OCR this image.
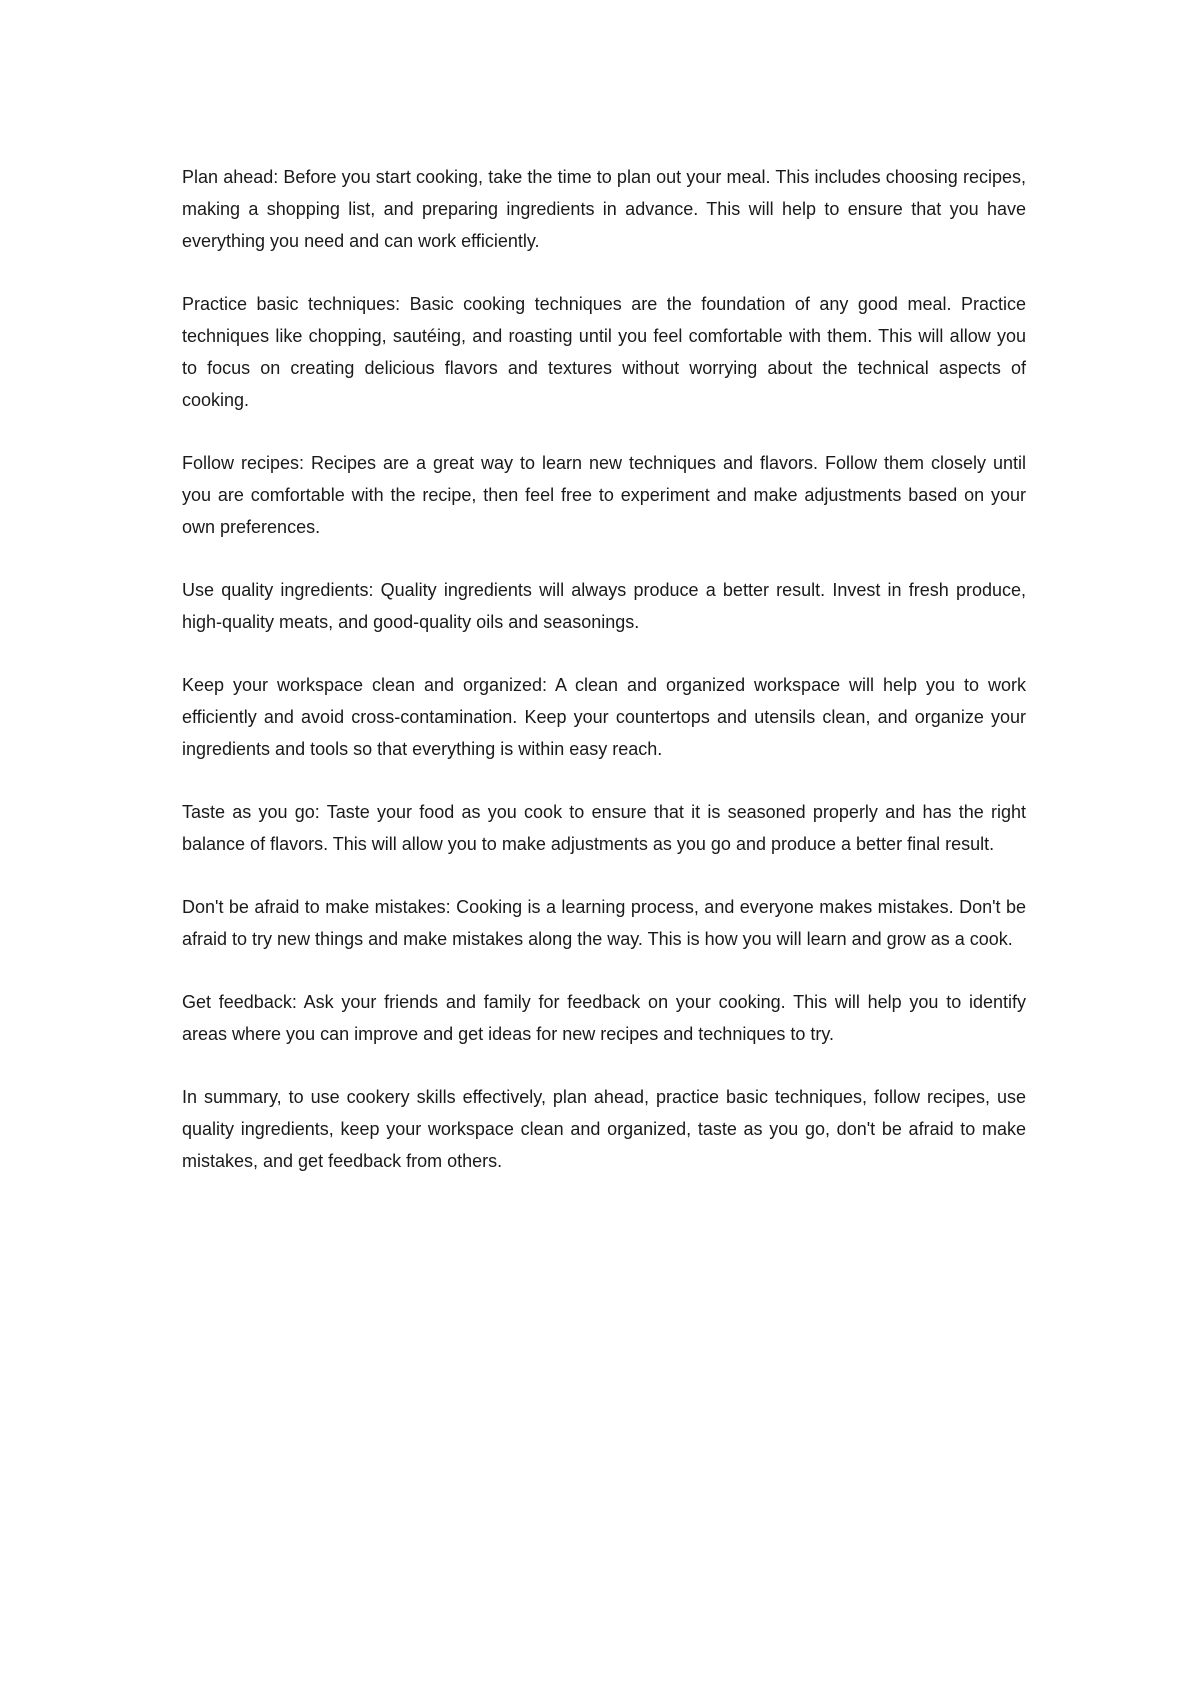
Plan ahead: Before you start cooking, take the time to plan out your meal. This includes choosing recipes, making a shopping list, and preparing ingredients in advance. This will help to ensure that you have everything you need and can work efficiently.

Practice basic techniques: Basic cooking techniques are the foundation of any good meal. Practice techniques like chopping, sautéing, and roasting until you feel comfortable with them. This will allow you to focus on creating delicious flavors and textures without worrying about the technical aspects of cooking.

Follow recipes: Recipes are a great way to learn new techniques and flavors. Follow them closely until you are comfortable with the recipe, then feel free to experiment and make adjustments based on your own preferences.

Use quality ingredients: Quality ingredients will always produce a better result. Invest in fresh produce, high-quality meats, and good-quality oils and seasonings.

Keep your workspace clean and organized: A clean and organized workspace will help you to work efficiently and avoid cross-contamination. Keep your countertops and utensils clean, and organize your ingredients and tools so that everything is within easy reach.

Taste as you go: Taste your food as you cook to ensure that it is seasoned properly and has the right balance of flavors. This will allow you to make adjustments as you go and produce a better final result.

Don't be afraid to make mistakes: Cooking is a learning process, and everyone makes mistakes. Don't be afraid to try new things and make mistakes along the way. This is how you will learn and grow as a cook.

Get feedback: Ask your friends and family for feedback on your cooking. This will help you to identify areas where you can improve and get ideas for new recipes and techniques to try.

In summary, to use cookery skills effectively, plan ahead, practice basic techniques, follow recipes, use quality ingredients, keep your workspace clean and organized, taste as you go, don't be afraid to make mistakes, and get feedback from others.
